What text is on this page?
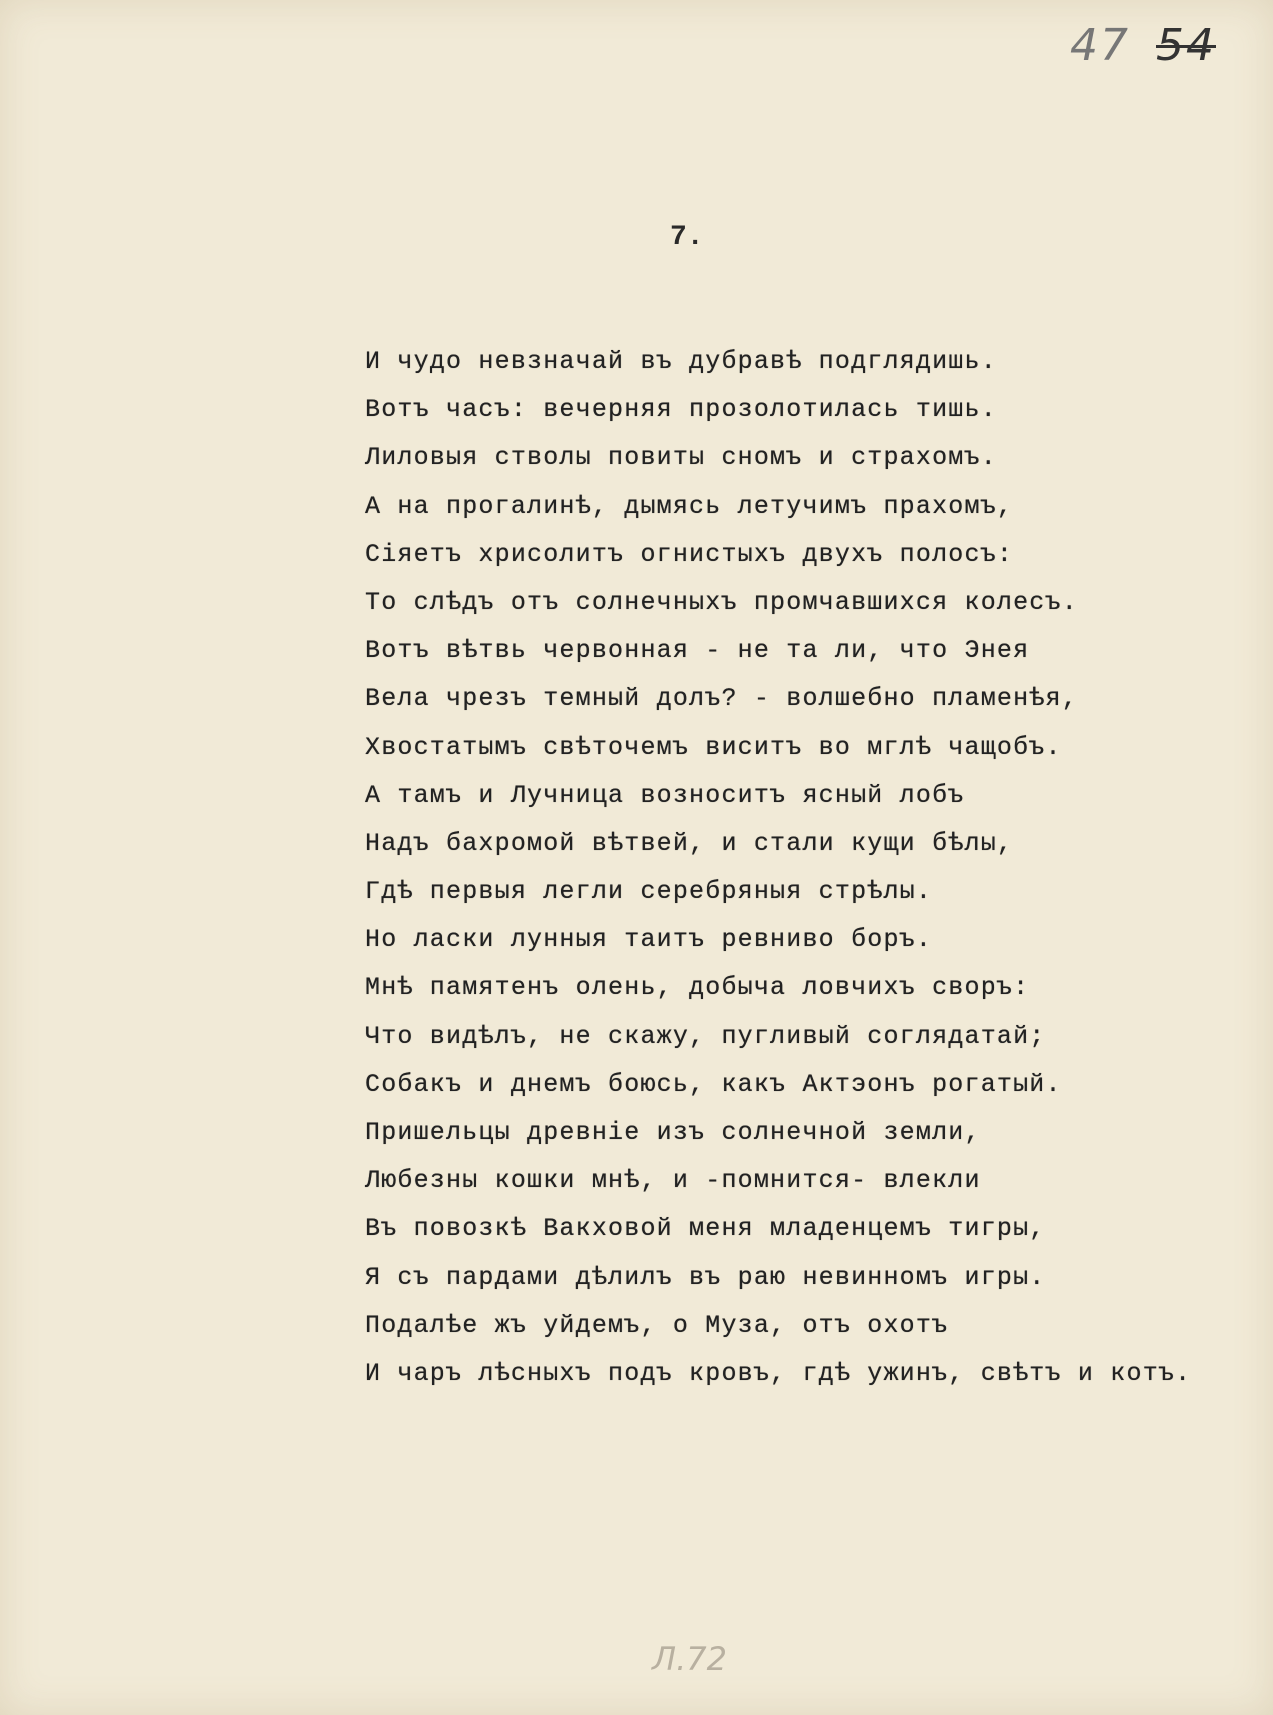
47 54
7.
И чудо невзначай въ дубравѣ подглядишь.
Вотъ часъ: вечерняя прозолотилась тишь.
Лиловыя стволы повиты сномъ и страхомъ.
А на прогалинѣ, дымясь летучимъ прахомъ,
Сіяетъ хрисолитъ огнистыхъ двухъ полосъ:
То слѣдъ отъ солнечныхъ промчавшихся колесъ.
Вотъ вѣтвь червонная - не та ли, что Энея
Вела чрезъ темный долъ? - волшебно пламенѣя,
Хвостатымъ свѣточемъ виситъ во мглѣ чащобъ.
А тамъ и Лучница возноситъ ясный лобъ
Надъ бахромой вѣтвей, и стали кущи бѣлы,
Гдѣ первыя легли серебряныя стрѣлы.
Но ласки лунныя таитъ ревниво боръ.
Мнѣ памятенъ олень, добыча ловчихъ своръ:
Что видѣлъ, не скажу, пугливый соглядатай;
Собакъ и днемъ боюсь, какъ Актэонъ рогатый.
Пришельцы древніе изъ солнечной земли,
Любезны кошки мнѣ, и -помнится- влекли
Въ повозкѣ Вакховой меня младенцемъ тигры,
Я съ пардами дѣлилъ въ раю невинномъ игры.
Подалѣе жъ уйдемъ, о Муза, отъ охотъ
И чаръ лѣсныхъ подъ кровъ, гдѣ ужинъ, свѣтъ и котъ.
Л.72
